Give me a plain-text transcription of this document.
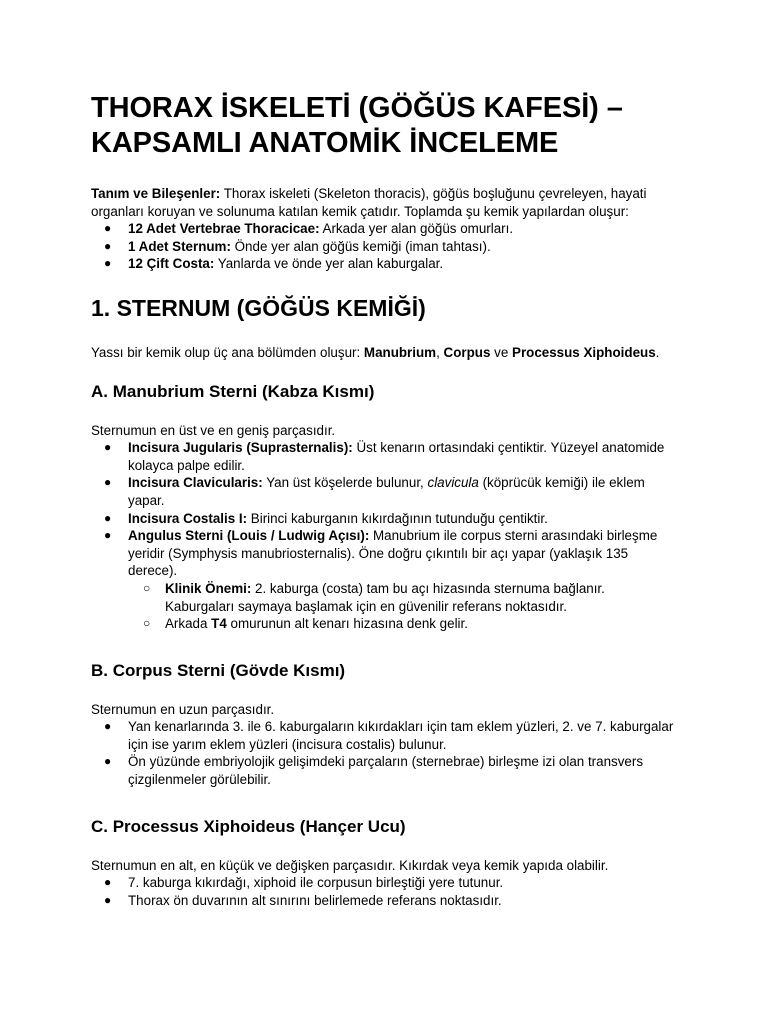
THORAX İSKELETİ (GÖĞÜS KAFESİ) – KAPSAMLI ANATOMİK İNCELEME

Tanım ve Bileşenler: Thorax iskeleti (Skeleton thoracis), göğüs boşluğunu çevreleyen, hayati organları koruyan ve solunuma katılan kemik çatıdır. Toplamda şu kemik yapılardan oluşur:

● 12 Adet Vertebrae Thoracicae: Arkada yer alan göğüs omurları.
● 1 Adet Sternum: Önde yer alan göğüs kemiği (iman tahtası).
● 12 Çift Costa: Yanlarda ve önde yer alan kaburgalar.
1. STERNUM (GÖĞÜS KEMİĞİ)

Yassı bir kemik olup üç ana bölümden oluşur: Manubrium, Corpus ve Processus Xiphoideus.

A. Manubrium Sterni (Kabza Kısmı)

Sternumun en üst ve en geniş parçasıdır.

● Incisura Jugularis (Suprasternalis): Üst kenarın ortasındaki çentiktir. Yüzeyel anatomide kolayca palpe edilir.
● Incisura Clavicularis: Yan üst köşelerde bulunur, clavicula (köprücük kemiği) ile eklem yapar.
● Incisura Costalis I: Birinci kaburganın kıkırdağının tutunduğu çentiktir.
● Angulus Sterni (Louis / Ludwig Açısı): Manubrium ile corpus sterni arasındaki birleşme yeridir (Symphysis manubriosternalis). Öne doğru çıkıntılı bir açı yapar (yaklaşık 135 derece).
○ Klinik Önemi: 2. kaburga (costa) tam bu açı hizasında sternuma bağlanır. Kaburgaları saymaya başlamak için en güvenilir referans noktasıdır.
○ Arkada T4 omurunun alt kenarı hizasına denk gelir.
B. Corpus Sterni (Gövde Kısmı)

Sternumun en uzun parçasıdır.

● Yan kenarlarında 3. ile 6. kaburgaların kıkırdakları için tam eklem yüzleri, 2. ve 7. kaburgalar için ise yarım eklem yüzleri (incisura costalis) bulunur.
● Ön yüzünde embriyolojik gelişimdeki parçaların (sternebrae) birleşme izi olan transvers çizgilenmeler görülebilir.
C. Processus Xiphoideus (Hançer Ucu)

Sternumun en alt, en küçük ve değişken parçasıdır. Kıkırdak veya kemik yapıda olabilir.

● 7. kaburga kıkırdağı, xiphoid ile corpusun birleştiği yere tutunur.
● Thorax ön duvarının alt sınırını belirlemede referans noktasıdır.
